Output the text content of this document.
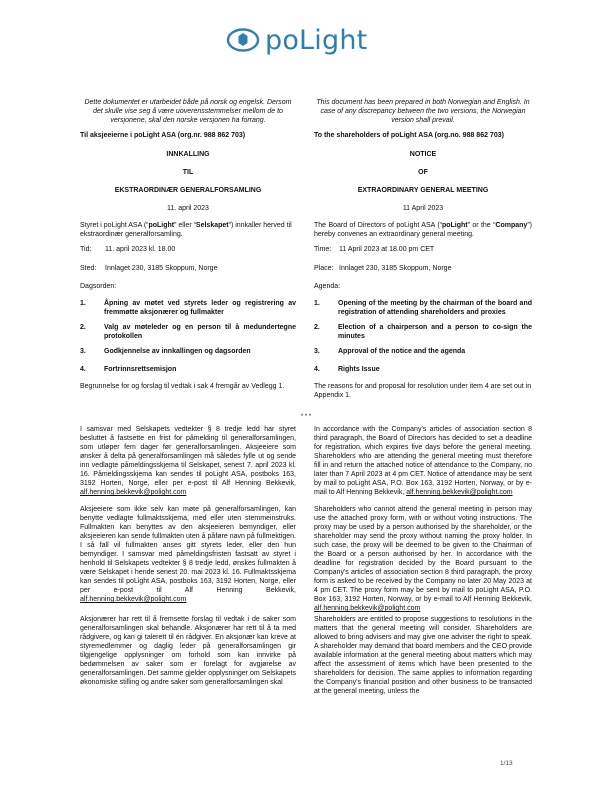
poLight

Dette dokumentet er utarbeidet både på norsk og engelsk. Dersom det skulle vise seg å være uoverensstemmelser mellom de to versjonene, skal den norske versjonen ha forrang.

Til aksjeeierne i poLight ASA (org.nr. 988 862 703)
INNKALLING
TIL
EKSTRAORDINÆR GENERALFORSAMLING
11. april 2023
Styret i poLight ASA (“poLight” eller “Selskapet”) innkaller herved til ekstraordinær generalforsamling.
Tid:	11. april 2023 kl. 18.00
Sted:	Innlaget 230, 3185 Skoppum, Norge
Dagsorden:
1.	Åpning av møtet ved styrets leder og registrering av fremmøtte aksjonærer og fullmakter
2.	Valg av møteleder og en person til å medundertegne protokollen
3.	Godkjennelse av innkallingen og dagsorden
4.	Fortrinnsrettsemisjon
Begrunnelse for og forslag til vedtak i sak 4 fremgår av Vedlegg 1.
* * *
I samsvar med Selskapets vedtekter § 8 tredje ledd har styret besluttet å fastsette en frist for påmelding til generalforsamlingen, som utløper fem dager før generalforsamlingen. Aksjeeiere som ønsker å delta på generalforsamlingen må således fylle ut og sende inn vedlagte påmeldingsskjema til Selskapet, senest 7. april 2023 kl. 16. Påmeldingsskjema kan sendes til poLight ASA, postboks 163, 3192 Horten, Norge, eller per e-post til Alf Henning Bekkevik, alf.henning.bekkevik@polight.com
Aksjeeiere som ikke selv kan møte på generalforsamlingen, kan benytte vedlagte fullmaktsskjema, med eller uten stemmeinstruks. Fullmakten kan benyttes av den aksjeeieren bemyndiger, eller aksjeeieren kan sende fullmakten uten å påføre navn på fullmektigen. I så fall vil fullmakten anses gitt styrets leder, eller den hun bemyndiger. I samsvar med påmeldingsfristen fastsatt av styret i henhold til Selskapets vedtekter § 8 tredje ledd, ønskes fullmakten å være Selskapet i hende senest 20. mai 2023 kl. 16. Fullmaktsskjema kan sendes til poLight ASA, postboks 163, 3192 Horten, Norge, eller per e-post til Alf Henning Bekkevik, alf.henning.bekkevik@polight.com
Aksjonærer har rett til å fremsette forslag til vedtak i de saker som generalforsamlingen skal behandle. Aksjonærer har rett til å ta med rådgivere, og kan gi talerett til én rådgiver. En aksjonær kan kreve at styremedlemmer og daglig leder på generalforsamlingen gir tilgjengelige opplysninger om forhold som kan innvirke på bedømmelsen av saker som er forelagt for avgjørelse av generalforsamlingen. Det samme gjelder opplysninger om Selskapets økonomiske stilling og andre saker som generalforsamlingen skal

This document has been prepared in both Norwegian and English. In case of any discrepancy between the two versions, the Norwegian version shall prevail.

To the shareholders of poLight ASA (org.no. 988 862 703)
NOTICE
OF
EXTRAORDINARY GENERAL MEETING
11 April 2023
The Board of Directors of poLight ASA (“poLight” or the “Company”) hereby convenes an extraordinary general meeting.
Time:	11 April 2023 at 18.00 pm CET
Place: Innlaget 230, 3185 Skoppum, Norge
Agenda:
1.	Opening of the meeting by the chairman of the board and registration of attending shareholders and proxies
2.	Election of a chairperson and a person to co-sign the minutes
3.	Approval of the notice and the agenda
4.	Rights Issue
The reasons for and proposal for resolution under item 4 are set out in Appendix 1.
In accordance with the Company's articles of association section 8 third paragraph, the Board of Directors has decided to set a deadline for registration, which expires five days before the general meeting. Shareholders who are attending the general meeting must therefore fill in and return the attached notice of attendance to the Company, no later than 7 April 2023 at 4 pm CET. Notice of attendance may be sent by mail to poLight ASA, P.O. Box 163, 3192 Horten, Norway, or by e-mail to Alf Henning Bekkevik, alf.henning.bekkevik@polight.com
Shareholders who cannot attend the general meeting in person may use the attached proxy form, with or without voting instructions. The proxy may be used by a person authorised by the shareholder, or the shareholder may send the proxy without naming the proxy holder. In such case, the proxy will be deemed to be given to the Chairman of the Board or a person authorised by her. In accordance with the deadline for registration decided by the Board pursuant to the Company's articles of association section 8 third paragraph, the proxy form is asked to be received by the Company no later 20 May 2023 at 4 pm CET. The proxy form may be sent by mail to poLight ASA, P.O. Box 163, 3192 Horten, Norway, or by e-mail to Alf Henning Bekkevik, alf.henning.bekkevik@polight.com
Shareholders are entitled to propose suggestions to resolutions in the matters that the general meeting will consider. Shareholders are allowed to bring advisers and may give one adviser the right to speak. A shareholder may demand that board members and the CEO provide available information at the general meeting about matters which may affect the assessment of items which have been presented to the shareholders for decision. The same applies to information regarding the Company's financial position and other business to be transacted at the general meeting, unless the
1/13
